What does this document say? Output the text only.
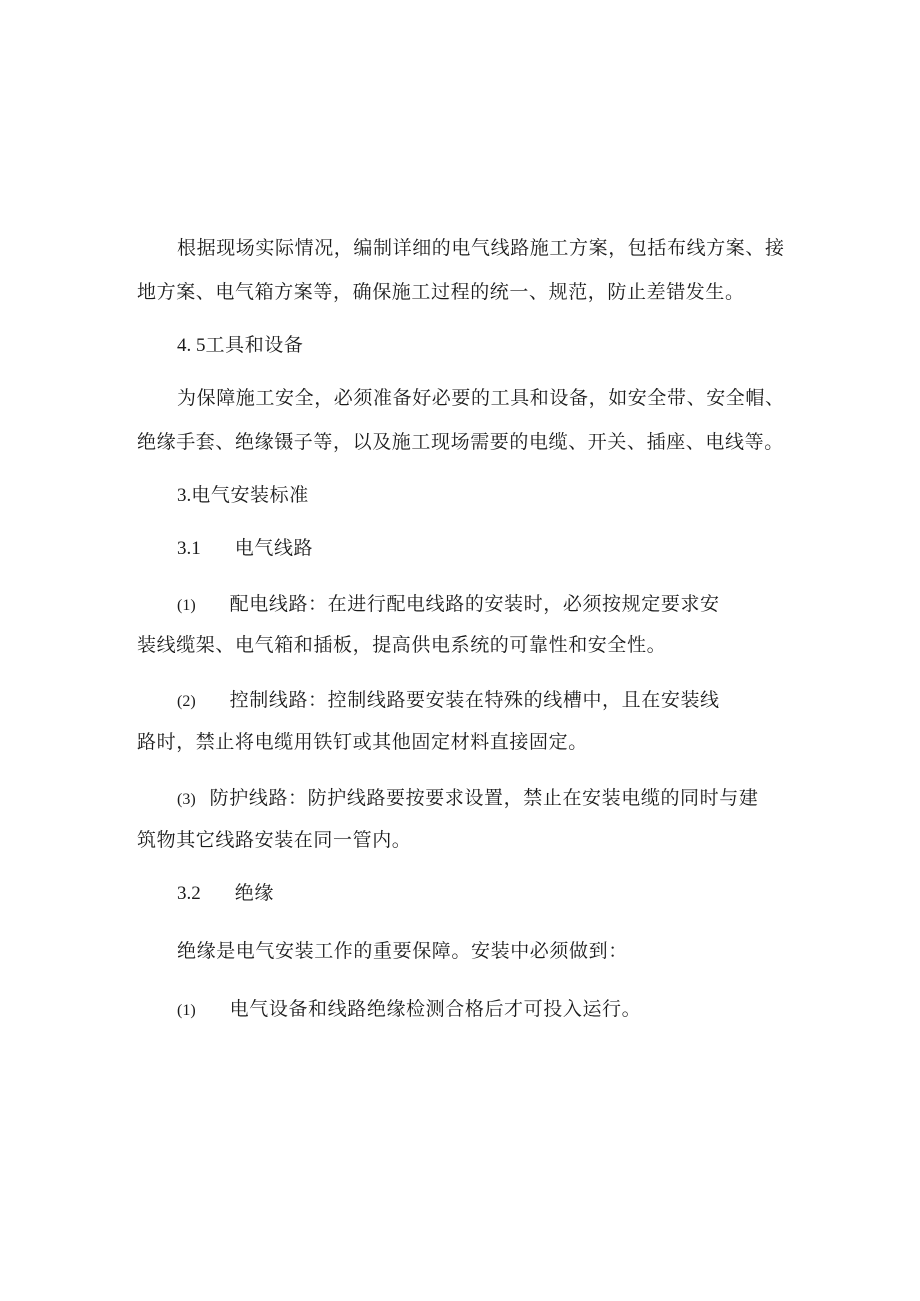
根据现场实际情况，编制详细的电气线路施工方案，包括布线方案、接
地方案、电气箱方案等，确保施工过程的统一、规范，防止差错发生。
4. 5工具和设备
为保障施工安全，必须准备好必要的工具和设备，如安全带、安全帽、
绝缘手套、绝缘镊子等，以及施工现场需要的电缆、开关、插座、电线等。
3.电气安装标准
3.1 电气线路
(1) 配电线路：在进行配电线路的安装时，必须按规定要求安
装线缆架、电气箱和插板，提高供电系统的可靠性和安全性。
(2) 控制线路：控制线路要安装在特殊的线槽中，且在安装线
路时，禁止将电缆用铁钉或其他固定材料直接固定。
(3) 防护线路：防护线路要按要求设置，禁止在安装电缆的同时与建
筑物其它线路安装在同一管内。
3.2 绝缘
绝缘是电气安装工作的重要保障。安装中必须做到：
(1) 电气设备和线路绝缘检测合格后才可投入运行。
